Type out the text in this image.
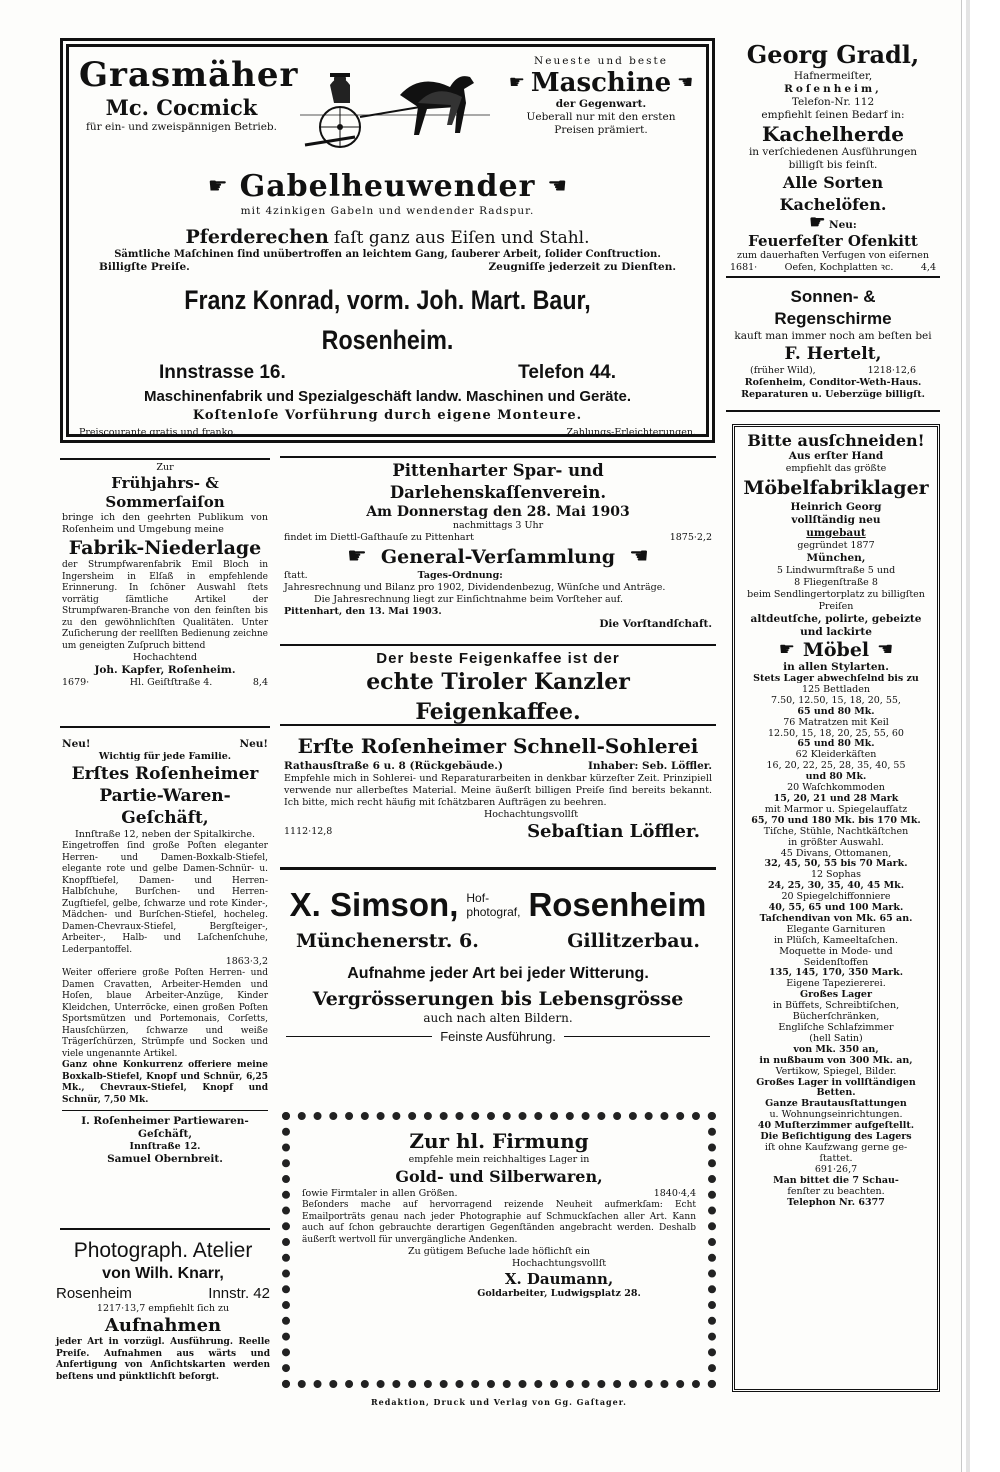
Grasmäher
Mc. Cocmick
für ein- und zweispännigen Betrieb.
Neueste und beste
☛ Maschine ☚
der Gegenwart.
Ueberall nur mit den ersten Preisen prämiert.
☛ Gabelheuwender ☚
mit 4zinkigen Gabeln und wendender Radspur.
Pferderechen faſt ganz aus Eiſen und Stahl.
Sämtliche Maſchinen ſind unübertroffen an leichtem Gang, ſauberer Arbeit, ſolider Conſtruction.
Billigſte Preiſe.	Zeugniſſe jederzeit zu Dienſten.
Franz Konrad, vorm. Joh. Mart. Baur, Rosenheim.
Innstrasse 16.	Telefon 44.
Maschinenfabrik und Spezialgeschäft landw. Maschinen und Geräte.
Koſtenloſe Vorführung durch eigene Monteure.
Preiscourante gratis und franko.	Zahlungs-Erleichterungen.
Georg Gradl,
Hafnermeiſter,
Roſenheim,
Telefon-Nr. 112
empfiehlt ſeinen Bedarf in:
Kachelherde
in verſchiedenen Ausführungen billigſt bis feinſt.
Alle Sorten Kachelöfen.
☛ Neu:
Feuerfeſter Ofenkitt
zum dauerhaften Verfugen von eiſernen
1681·	Oefen, Kochplatten ꝛc.	4,4
Sonnen- & Regenschirme
kauft man immer noch am beſten bei
F. Hertelt,
(früher Wild),	1218·12,6
Roſenheim, Conditor-Weth-Haus.
Reparaturen u. Ueberzüge billigſt.
Bitte ausſchneiden!
Aus erſter Hand
empfiehlt das größte
Möbelfabriklager
Heinrich Georg
vollſtändig neu
umgebaut
gegründet 1877
München,
5 Lindwurmſtraße 5 und
8 Fliegenſtraße 8
beim Sendlingertorplatz zu billigſten Preiſen
altdeutſche, polirte, gebeizte
und lackirte
☛ Möbel ☚
in allen Stylarten.
Stets Lager abwechſelnd bis zu
125 Bettladen
7.50, 12.50, 15, 18, 20, 55,
65 und 80 Mk.
76 Matratzen mit Keil
12.50, 15, 18, 20, 25, 55, 60
65 und 80 Mk.
62 Kleiderkäſten
16, 20, 22, 25, 28, 35, 40, 55
und 80 Mk.
20 Waſchkommoden
15, 20, 21 und 28 Mark
mit Marmor u. Spiegelaufſatz
65, 70 und 180 Mk. bis 170 Mk.
Tiſche, Stühle, Nachtkäſtchen
in größter Auswahl.
45 Divans, Ottomanen,
32, 45, 50, 55 bis 70 Mark.
12 Sophas
24, 25, 30, 35, 40, 45 Mk.
20 Spiegelchiffonniere
40, 55, 65 und 100 Mark.
Taſchendivan von Mk. 65 an.
Elegante Garnituren
in Plüſch, Kameeltaſchen.
Moquette in Mode- und
Seidenſtoffen
135, 145, 170, 350 Mark.
Eigene Tapeziererei.
Großes Lager
in Büffets, Schreibtiſchen,
Bücherſchränken,
Engliſche Schlafzimmer
(hell Satin)
von Mk. 350 an,
in nußbaum von 300 Mk. an,
Vertikow, Spiegel, Bilder.
Großes Lager in vollſtändigen
Betten.
Ganze Brautausſtattungen
u. Wohnungseinrichtungen.
40 Muſterzimmer aufgeſtellt.
Die Beſichtigung des Lagers
iſt ohne Kaufzwang gerne ge-
ſtattet.
691·26,7
Man bittet die 7 Schau-
fenſter zu beachten.
Telephon Nr. 6377
Zur
Frühjahrs- & Sommerſaiſon
bringe ich den geehrten Publikum von Roſenheim und Umgebung meine
Fabrik-Niederlage
der Strumpfwarenfabrik Emil Bloch in Ingersheim in Elſaß in empfehlende Erinnerung. In ſchöner Auswahl ſtets vorrätig ſämtliche Artikel der Strumpfwaren-Branche von den feinſten bis zu den gewöhnlichſten Qualitäten. Unter Zuſicherung der reellſten Bedienung zeichne um geneigten Zuſpruch bittend
Hochachtend
Joh. Kapfer, Roſenheim.
1679·	Hl. Geiſtſtraße 4.	8,4
Neu!	Neu!
Wichtig für jede Familie.
Erſtes Roſenheimer Partie-Waren-Geſchäft,
Innſtraße 12, neben der Spitalkirche.
Eingetroffen ſind große Poſten eleganter Herren- und Damen-Boxkalb-Stiefel, elegante rote und gelbe Damen-Schnür- u. Knopfſtiefel, Damen- und Herren-Halbſchuhe, Burſchen- und Herren-Zugſtiefel, gelbe, ſchwarze und rote Kinder-, Mädchen- und Burſchen-Stiefel, hocheleg. Damen-Chevraux-Stiefel, Bergſteiger-, Arbeiter-, Halb- und Laſchenſchuhe, Lederpantoffel.
1863·3,2
Weiter offeriere große Poſten Herren- und Damen Cravatten, Arbeiter-Hemden und Hoſen, blaue Arbeiter-Anzüge, Kinder Kleidchen, Unterröcke, einen großen Poſten Sportsmützen und Portemonais, Corſetts, Hausſchürzen, ſchwarze und weiße Trägerſchürzen, Strümpfe und Socken und viele ungenannte Artikel.
Ganz ohne Konkurrenz offeriere meine Boxkalb-Stiefel, Knopf und Schnür, 6,25 Mk., Chevraux-Stiefel, Knopf und Schnür, 7,50 Mk.
I. Roſenheimer Partiewaren-Geſchäft,
Innſtraße 12.
Samuel Obernbreit.
Photograph. Atelier
von Wilh. Knarr,
Rosenheim	Innstr. 42
1217·13,7 empfiehlt ſich zu
Aufnahmen
jeder Art in vorzügl. Ausführung. Reelle Preiſe. Aufnahmen aus wärts und Anfertigung von Anſichtskarten werden beſtens und pünktlichſt beſorgt.
Pittenharter Spar- und Darlehenskaſſenverein.
Am Donnerstag den 28. Mai 1903
nachmittags 3 Uhr
findet im Diettl-Gaſthauſe zu Pittenhart	1875·2,2
☛ General-Verſammlung ☚
ſtatt.	Tages-Ordnung:
Jahresrechnung und Bilanz pro 1902, Dividendenbezug, Wünſche und Anträge.
Die Jahresrechnung liegt zur Einſichtnahme beim Vorſteher auf.
Pittenhart, den 13. Mai 1903.
Die Vorſtandſchaft.
Der beste Feigenkaffee ist der
echte Tiroler Kanzler Feigenkaffee.
Erſte Roſenheimer Schnell-Sohlerei
Rathausſtraße 6 u. 8 (Rückgebäude.)	Inhaber: Seb. Löffler.
Empfehle mich in Sohlerei- und Reparaturarbeiten in denkbar kürzeſter Zeit. Prinzipiell verwende nur allerbeſtes Material. Meine äußerſt billigen Preiſe ſind bereits bekannt. Ich bitte, mich recht häufig mit ſchätzbaren Aufträgen zu beehren.
Hochachtungsvollſt
1112·12,8	Sebaſtian Löffler.
X. Simson, Hof-
photograf, Rosenheim
Münchenerstr. 6.	Gillitzerbau.
Aufnahme jeder Art bei jeder Witterung.
Vergrösserungen bis Lebensgrösse
auch nach alten Bildern.
Feinste Ausführung.
Zur hl. Firmung
empfehle mein reichhaltiges Lager in
Gold- und Silberwaren,
ſowie Firmtaler in allen Größen.	1840·4,4
Beſonders mache auf hervorragend reizende Neuheit aufmerkſam: Echt Emailporträts genau nach jeder Photographie auf Schmuckſachen aller Art. Kann auch auf ſchon gebrauchte derartigen Gegenſtänden angebracht werden. Deshalb äußerſt wertvoll für unvergängliche Andenken.
Zu gütigem Beſuche lade höflichſt ein
Hochachtungsvollſt
X. Daumann,
Goldarbeiter, Ludwigsplatz 28.
Redaktion, Druck und Verlag von Gg. Gaſtager.
